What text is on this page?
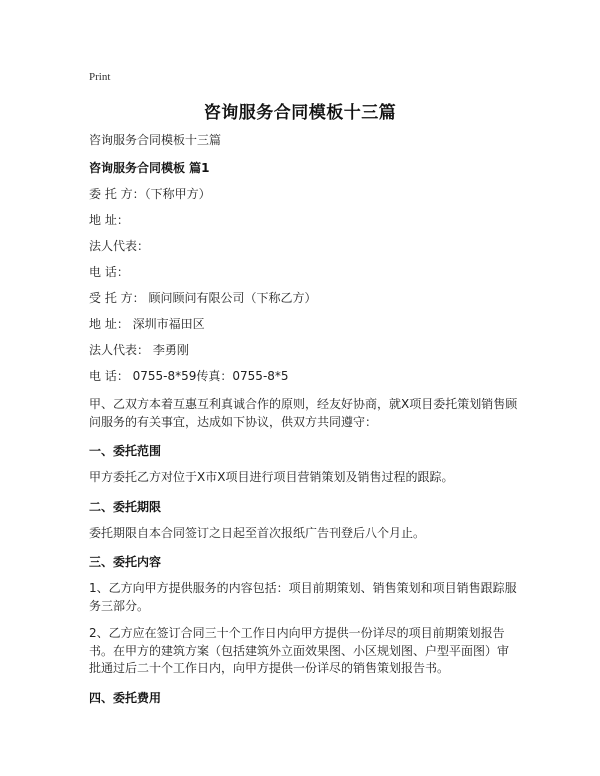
Print
咨询服务合同模板十三篇
咨询服务合同模板十三篇
咨询服务合同模板 篇1
委 托 方：（下称甲方）
地 址：
法人代表：
电 话：
受 托 方： 顾问顾问有限公司（下称乙方）
地 址： 深圳市福田区
法人代表： 李勇刚
电 话： 0755-8*59传真：0755-8*5
甲、乙双方本着互惠互利真诚合作的原则，经友好协商，就X项目委托策划销售顾问服务的有关事宜，达成如下协议，供双方共同遵守：
一、委托范围
甲方委托乙方对位于X市X项目进行项目营销策划及销售过程的跟踪。
二、委托期限
委托期限自本合同签订之日起至首次报纸广告刊登后八个月止。
三、委托内容
1、乙方向甲方提供服务的内容包括：项目前期策划、销售策划和项目销售跟踪服务三部分。
2、乙方应在签订合同三十个工作日内向甲方提供一份详尽的项目前期策划报告书。在甲方的建筑方案（包括建筑外立面效果图、小区规划图、户型平面图）审批通过后二十个工作日内，向甲方提供一份详尽的销售策划报告书。
四、委托费用
